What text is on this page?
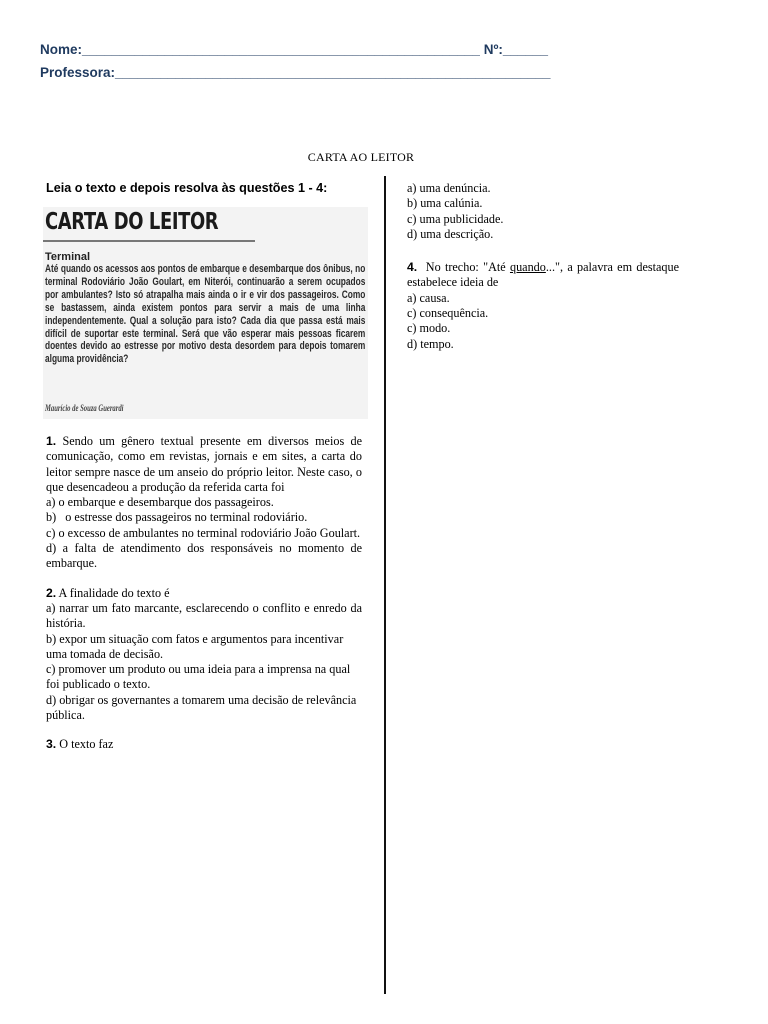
Nome:_____________________________________________________ Nº:______
Professora:__________________________________________________________
CARTA AO LEITOR

Leia o texto e depois resolva às questões 1 - 4:

CARTA DO LEITOR
Terminal
Até quando os acessos aos pontos de embarque e desembarque dos ônibus, no terminal Rodoviário João Goulart, em Niterói, continuarão a serem ocupados por ambulantes? Isto só atrapalha mais ainda o ir e vir dos passageiros. Como se bastassem, ainda existem pontos para servir a mais de uma linha independentemente. Qual a solução para isto? Cada dia que passa está mais difícil de suportar este terminal. Será que vão esperar mais pessoas ficarem doentes devido ao estresse por motivo desta desordem para depois tomarem alguma providência?
Maurício de Souza Guerardi
1. Sendo um gênero textual presente em diversos meios de comunicação, como em revistas, jornais e em sites, a carta do leitor sempre nasce de um anseio do próprio leitor. Neste caso, o que desencadeou a produção da referida carta foi
a) o embarque e desembarque dos passageiros.
b)   o estresse dos passageiros no terminal rodoviário.
c) o excesso de ambulantes no terminal rodoviário João Goulart.
d) a falta de atendimento dos responsáveis no momento de embarque.
2. A finalidade do texto é
a) narrar um fato marcante, esclarecendo o conflito e enredo da história.
b) expor um situação com fatos e argumentos para incentivar uma tomada de decisão.
c) promover um produto ou uma ideia para a imprensa na qual foi publicado o texto.
d) obrigar os governantes a tomarem uma decisão de relevância pública.
3. O texto faz
a) uma denúncia.
b) uma calúnia.
c) uma publicidade.
d) uma descrição.
4. No trecho: "Até quando...", a palavra em destaque estabelece ideia de
a) causa.
c) consequência.
c) modo.
d) tempo.
